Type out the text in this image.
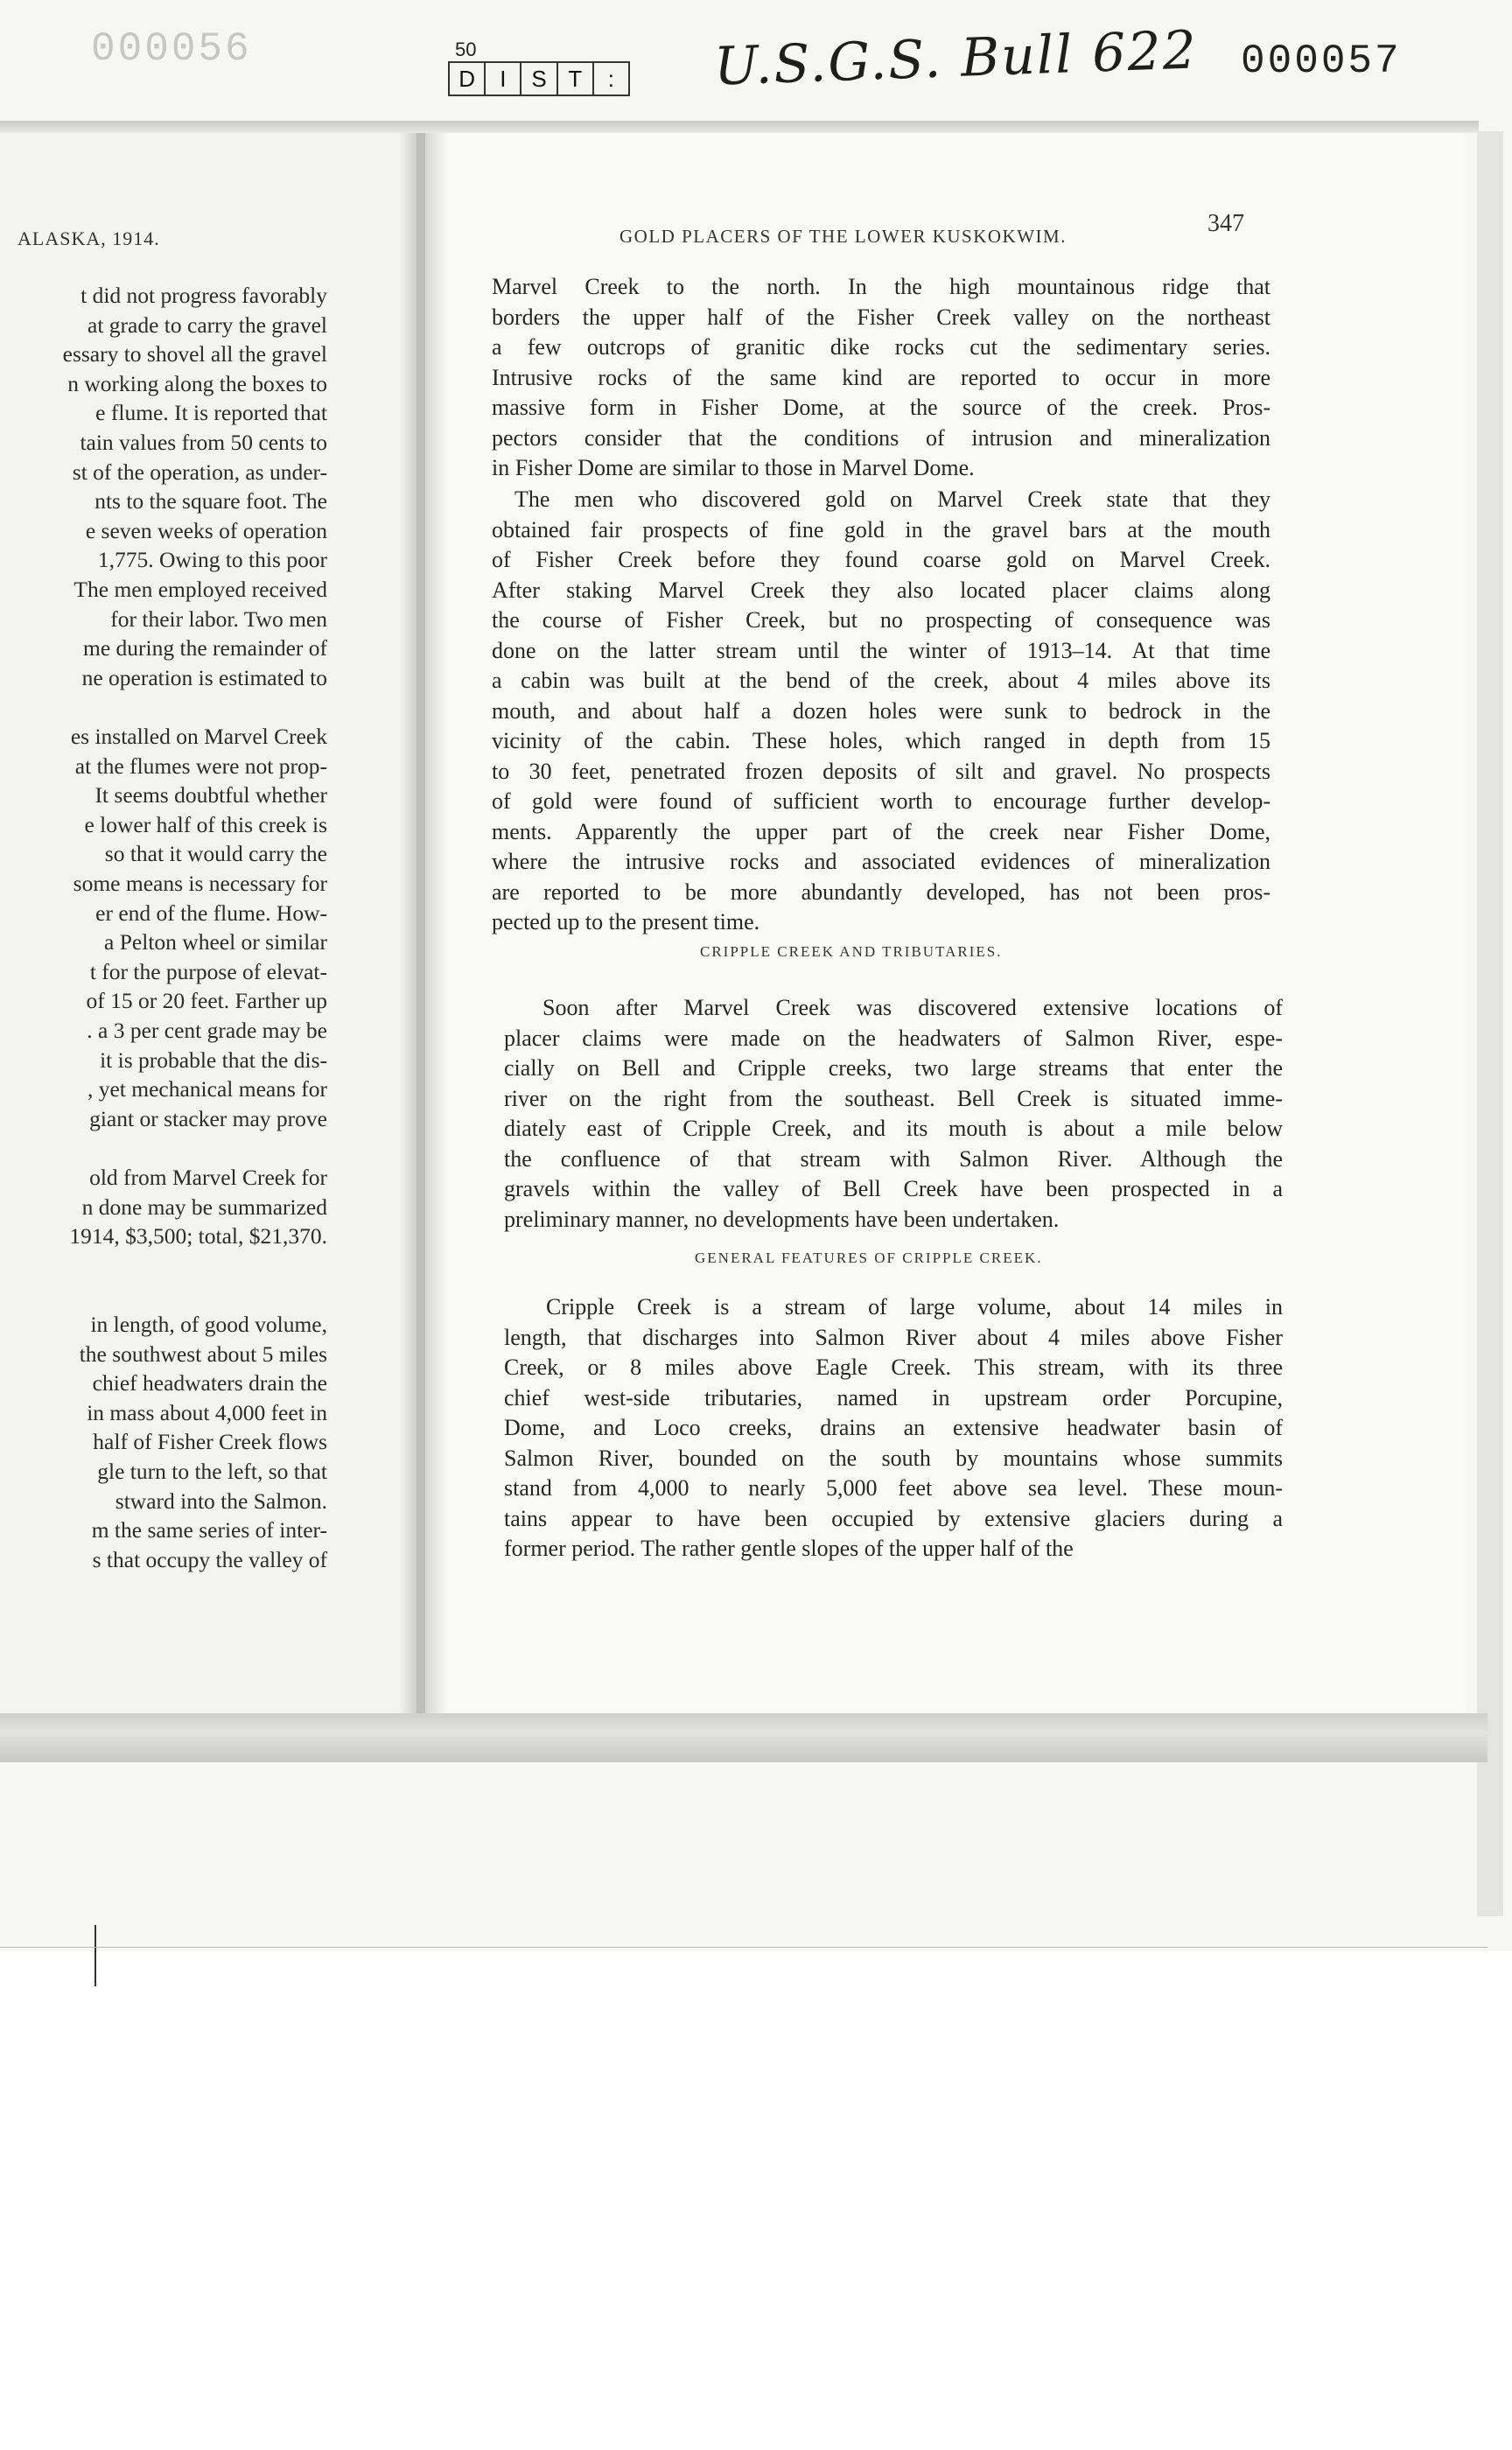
000056
ALASKA, 1914.
t did not progress favorably
at grade to carry the gravel
essary to shovel all the gravel
n working along the boxes to
e flume. It is reported that
tain values from 50 cents to
st of the operation, as under-
nts to the square foot. The
e seven weeks of operation
1,775. Owing to this poor
The men employed received
for their labor. Two men
me during the remainder of
ne operation is estimated to
es installed on Marvel Creek
at the flumes were not prop-
It seems doubtful whether
e lower half of this creek is
so that it would carry the
some means is necessary for
er end of the flume. How-
a Pelton wheel or similar
t for the purpose of elevat-
of 15 or 20 feet. Farther up
. a 3 per cent grade may be
it is probable that the dis-
, yet mechanical means for
giant or stacker may prove
old from Marvel Creek for
n done may be summarized
1914, $3,500; total, $21,370.
in length, of good volume,
the southwest about 5 miles
chief headwaters drain the
in mass about 4,000 feet in
half of Fisher Creek flows
gle turn to the left, so that
stward into the Salmon.
m the same series of inter-
s that occupy the valley of
GOLD PLACERS OF THE LOWER KUSKOKWIM.	347
Marvel Creek to the north. In the high mountainous ridge that
borders the upper half of the Fisher Creek valley on the northeast
a few outcrops of granitic dike rocks cut the sedimentary series.
Intrusive rocks of the same kind are reported to occur in more
massive form in Fisher Dome, at the source of the creek. Pros-
pectors consider that the conditions of intrusion and mineralization
in Fisher Dome are similar to those in Marvel Dome.
The men who discovered gold on Marvel Creek state that they
obtained fair prospects of fine gold in the gravel bars at the mouth
of Fisher Creek before they found coarse gold on Marvel Creek.
After staking Marvel Creek they also located placer claims along
the course of Fisher Creek, but no prospecting of consequence was
done on the latter stream until the winter of 1913–14. At that time
a cabin was built at the bend of the creek, about 4 miles above its
mouth, and about half a dozen holes were sunk to bedrock in the
vicinity of the cabin. These holes, which ranged in depth from 15
to 30 feet, penetrated frozen deposits of silt and gravel. No prospects
of gold were found of sufficient worth to encourage further develop-
ments. Apparently the upper part of the creek near Fisher Dome,
where the intrusive rocks and associated evidences of mineralization
are reported to be more abundantly developed, has not been pros-
pected up to the present time.
Soon after Marvel Creek was discovered extensive locations of
placer claims were made on the headwaters of Salmon River, espe-
cially on Bell and Cripple creeks, two large streams that enter the
river on the right from the southeast. Bell Creek is situated imme-
diately east of Cripple Creek, and its mouth is about a mile below
the confluence of that stream with Salmon River. Although the
gravels within the valley of Bell Creek have been prospected in a
preliminary manner, no developments have been undertaken.
Cripple Creek is a stream of large volume, about 14 miles in
length, that discharges into Salmon River about 4 miles above Fisher
Creek, or 8 miles above Eagle Creek. This stream, with its three
chief west-side tributaries, named in upstream order Porcupine,
Dome, and Loco creeks, drains an extensive headwater basin of
Salmon River, bounded on the south by mountains whose summits
stand from 4,000 to nearly 5,000 feet above sea level. These moun-
tains appear to have been occupied by extensive glaciers during a
former period. The rather gentle slopes of the upper half of the
CRIPPLE CREEK AND TRIBUTARIES.
GENERAL FEATURES OF CRIPPLE CREEK.
50
D	I	S T	: U.S.G.S. Bull 622 000057
